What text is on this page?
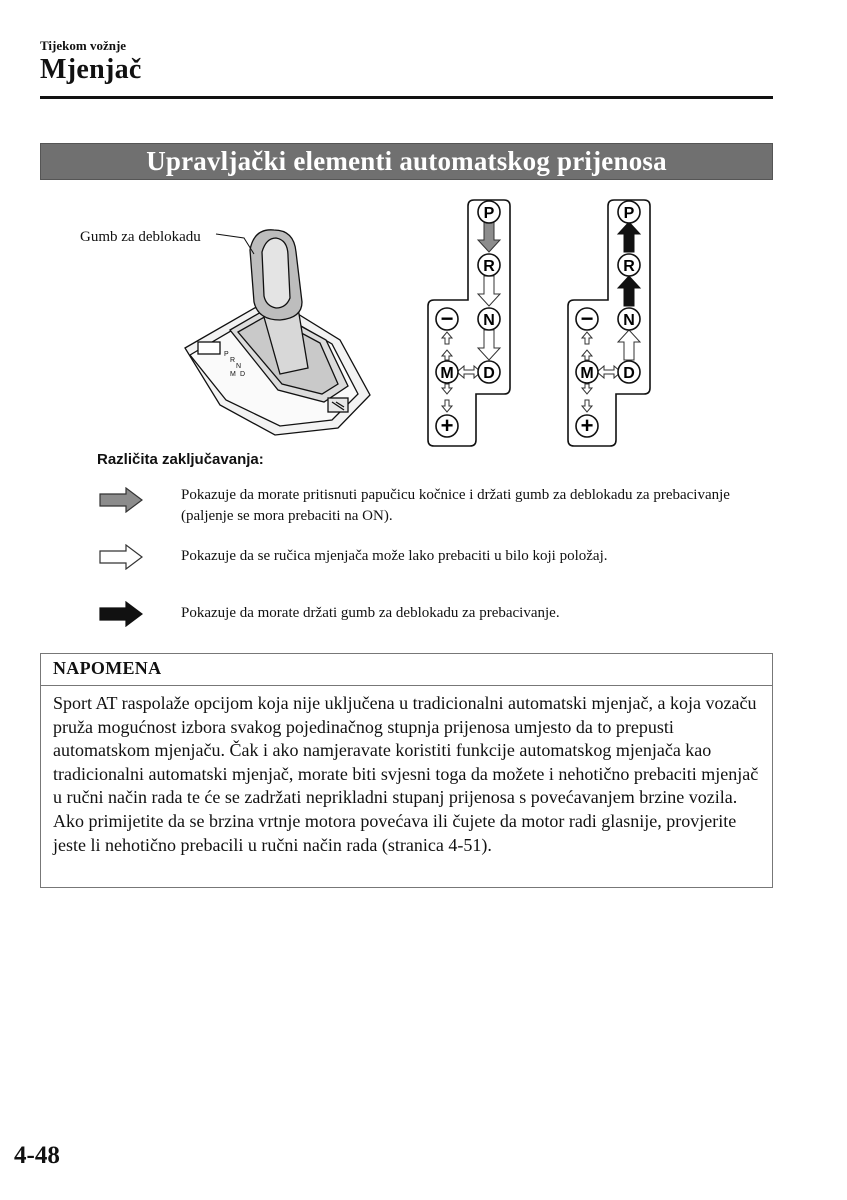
Tijekom vožnje
Mjenjač
Upravljački elementi automatskog prijenosa
P
R
N
D
M
P
R
N
D
M
−
+
P
R
N
D
M
−
+
Gumb za deblokadu
Različita zaključavanja:
Pokazuje da morate pritisnuti papučicu kočnice i držati gumb za deblokadu za prebacivanje (paljenje se mora prebaciti na ON).
Pokazuje da se ručica mjenjača može lako prebaciti u bilo koji položaj.
Pokazuje da morate držati gumb za deblokadu za prebacivanje.
NAPOMENA
Sport AT raspolaže opcijom koja nije uključena u tradicionalni automatski mjenjač, a koja vozaču pruža mogućnost izbora svakog pojedinačnog stupnja prijenosa umjesto da to prepusti automatskom mjenjaču. Čak i ako namjeravate koristiti funkcije automatskog mjenjača kao tradicionalni automatski mjenjač, morate biti svjesni toga da možete i nehotično prebaciti mjenjač u ručni način rada te će se zadržati neprikladni stupanj prijenosa s povećavanjem brzine vozila. Ako primijetite da se brzina vrtnje motora povećava ili čujete da motor radi glasnije, provjerite jeste li nehotično prebacili u ručni način rada (stranica 4-51).
4-48
